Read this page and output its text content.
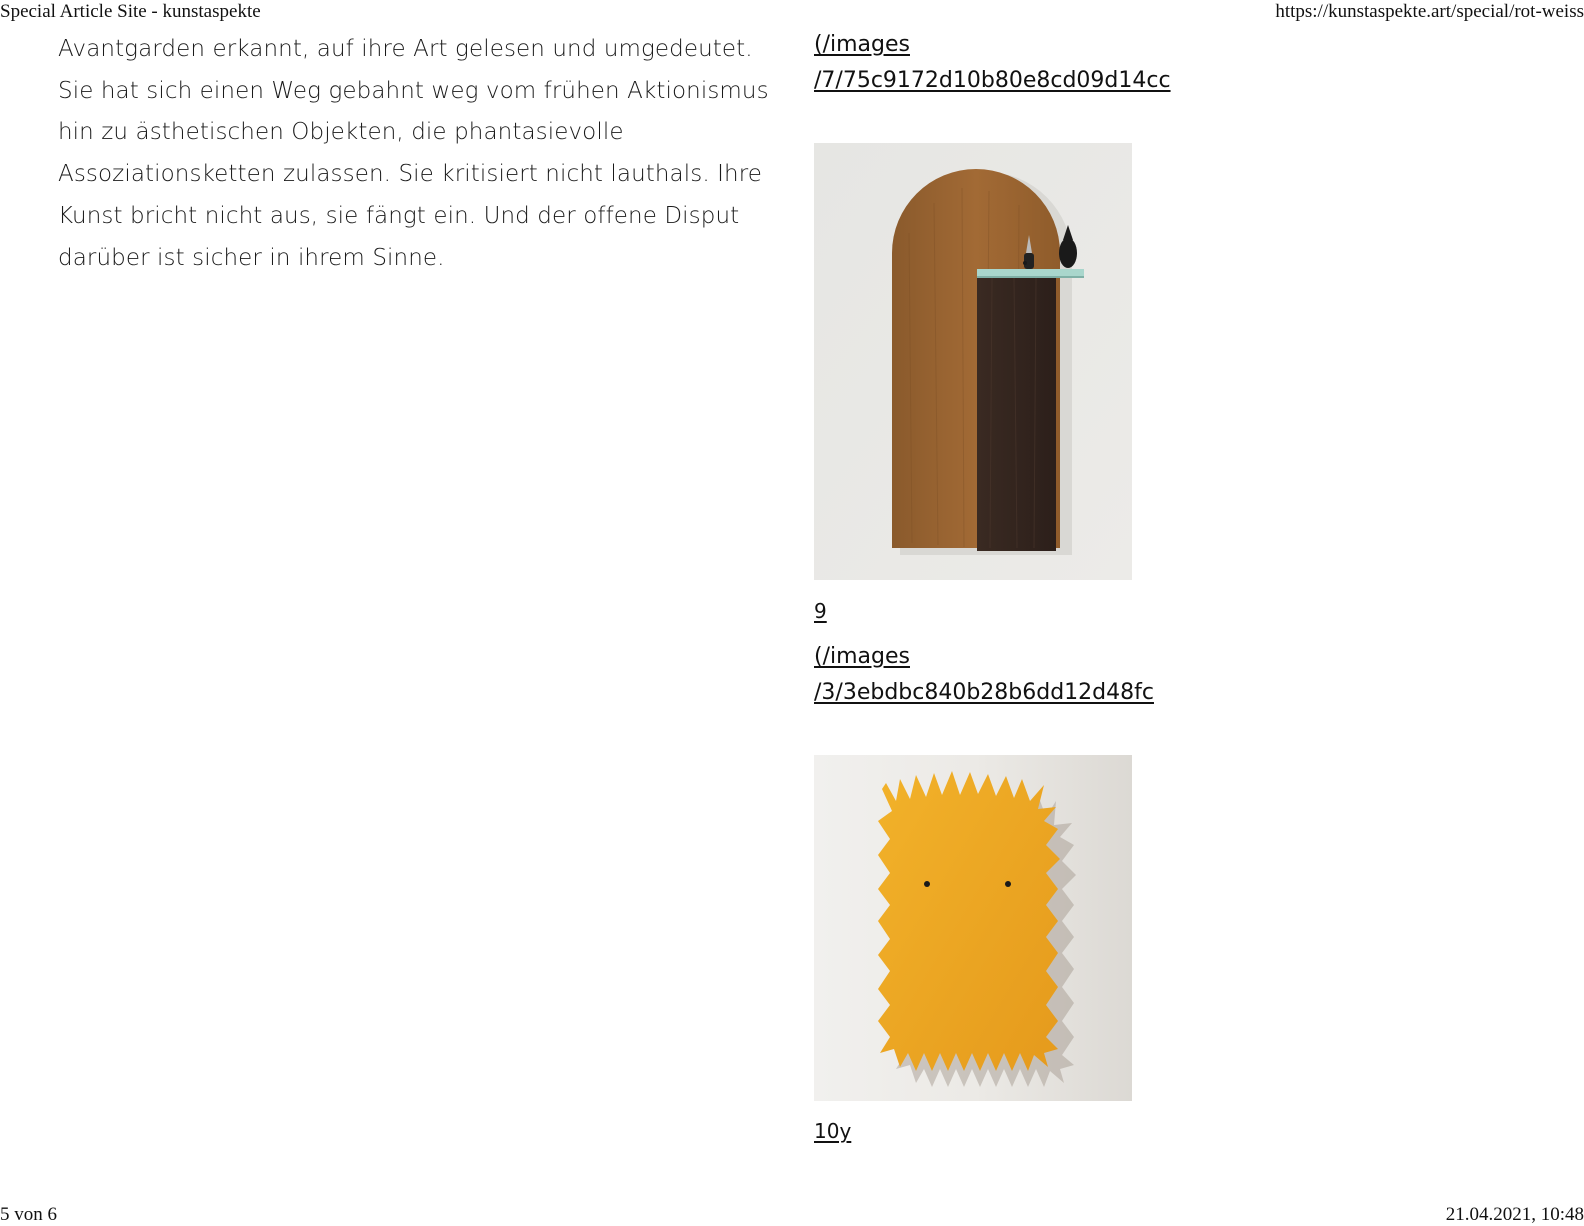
Special Article Site - kunstaspekte	https://kunstaspekte.art/special/rot-weiss
Avantgarden erkannt, auf ihre Art gelesen und umgedeutet.
Sie hat sich einen Weg gebahnt weg vom frühen Aktionismus
hin zu ästhetischen Objekten, die phantasievolle
Assoziationsketten zulassen. Sie kritisiert nicht lauthals. Ihre
Kunst bricht nicht aus, sie fängt ein. Und der offene Disput
darüber ist sicher in ihrem Sinne.
(/images
/7/75c9172d10b80e8cd09d14cc
9
(/images
/3/3ebdbc840b28b6dd12d48fc
10y
5 von 6	21.04.2021, 10:48
